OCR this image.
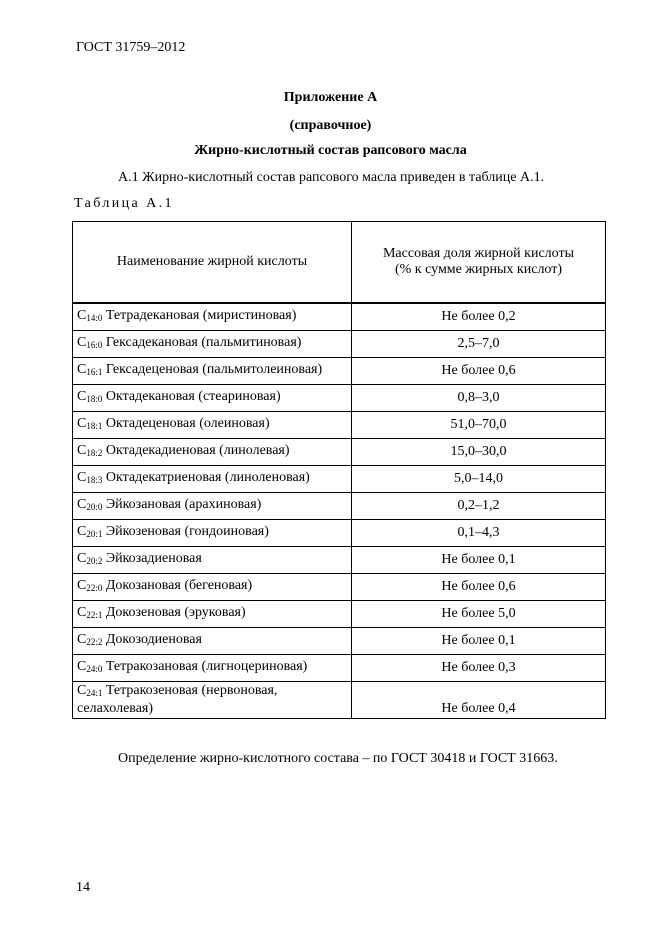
ГОСТ 31759–2012
Приложение А
(справочное)
Жирно-кислотный состав рапсового масла
А.1 Жирно-кислотный состав рапсового масла приведен в таблице А.1.
Таблица А.1
Наименование жирной кислоты	Массовая доля жирной кислоты
(% к сумме жирных кислот)

$С_{14:0}$ Тетрадекановая (миристиновая)	Не более 0,2
$С_{16:0}$ Гексадекановая (пальмитиновая)	2,5–7,0
$С_{16:1}$ Гексадеценовая (пальмитолеиновая)	Не более 0,6
$С_{18:0}$ Октадекановая (стеариновая)	0,8–3,0
$С_{18:1}$ Октадеценовая (олеиновая)	51,0–70,0
$С_{18:2}$ Октадекадиеновая (линолевая)	15,0–30,0
$С_{18:3}$ Октадекатриеновая (линоленовая)	5,0–14,0
$С_{20:0}$ Эйкозановая (арахиновая)	0,2–1,2
$С_{20:1}$ Эйкозеновая (гондоиновая)	0,1–4,3
$С_{20:2}$ Эйкозадиеновая	Не более 0,1
$С_{22:0}$ Докозановая (бегеновая)	Не более 0,6
$С_{22:1}$ Докозеновая (эруковая)	Не более 5,0
$С_{22:2}$ Докозодиеновая	Не более 0,1
$С_{24:0}$ Тетракозановая (лигноцериновая)	Не более 0,3
$С_{24:1}$ Тетракозеновая (нервоновая, селахолевая)	Не более 0,4
Определение жирно-кислотного состава – по ГОСТ 30418 и ГОСТ 31663.
14
